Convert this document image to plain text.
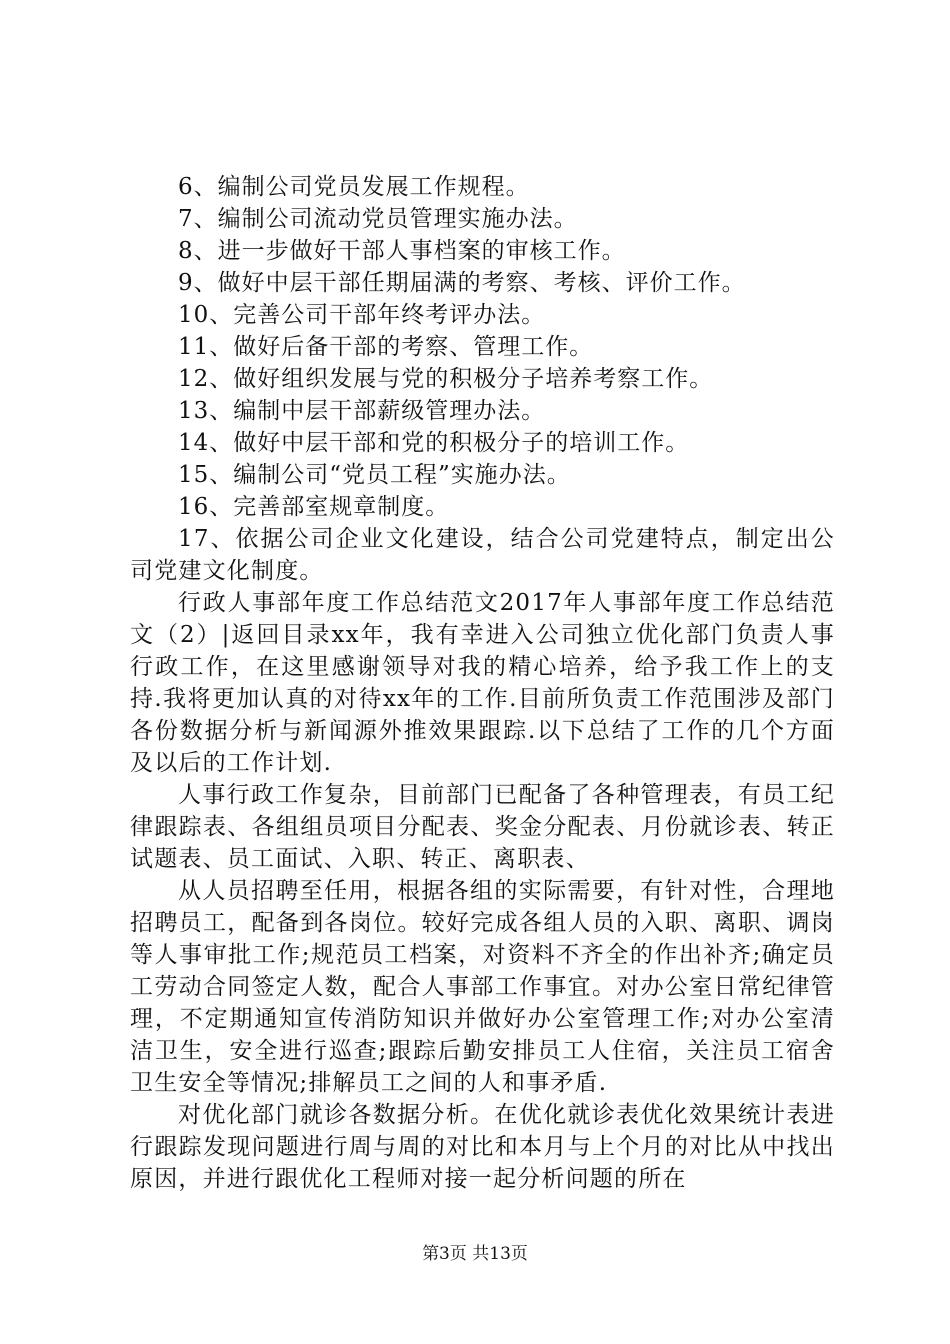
6、编制公司党员发展工作规程。

7、编制公司流动党员管理实施办法。

8、进一步做好干部人事档案的审核工作。

9、做好中层干部任期届满的考察、考核、评价工作。

10、完善公司干部年终考评办法。

11、做好后备干部的考察、管理工作。

12、做好组织发展与党的积极分子培养考察工作。

13、编制中层干部薪级管理办法。

14、做好中层干部和党的积极分子的培训工作。

15、编制公司“党员工程”实施办法。

16、完善部室规章制度。

17、依据公司企业文化建设，结合公司党建特点，制定出公司党建文化制度。

行政人事部年度工作总结范文2017年人事部年度工作总结范文（2）|返回目录xx年，我有幸进入公司独立优化部门负责人事行政工作，在这里感谢领导对我的精心培养，给予我工作上的支持.我将更加认真的对待xx年的工作.目前所负责工作范围涉及部门各份数据分析与新闻源外推效果跟踪.以下总结了工作的几个方面及以后的工作计划.

人事行政工作复杂，目前部门已配备了各种管理表，有员工纪律跟踪表、各组组员项目分配表、奖金分配表、月份就诊表、转正试题表、员工面试、入职、转正、离职表、

从人员招聘至任用，根据各组的实际需要，有针对性，合理地招聘员工，配备到各岗位。较好完成各组人员的入职、离职、调岗等人事审批工作;规范员工档案，对资料不齐全的作出补齐;确定员工劳动合同签定人数，配合人事部工作事宜。对办公室日常纪律管理，不定期通知宣传消防知识并做好办公室管理工作;对办公室清洁卫生，安全进行巡查;跟踪后勤安排员工人住宿，关注员工宿舍卫生安全等情况;排解员工之间的人和事矛盾.

对优化部门就诊各数据分析。在优化就诊表优化效果统计表进行跟踪发现问题进行周与周的对比和本月与上个月的对比从中找出原因，并进行跟优化工程师对接一起分析问题的所在

第3页 共13页
